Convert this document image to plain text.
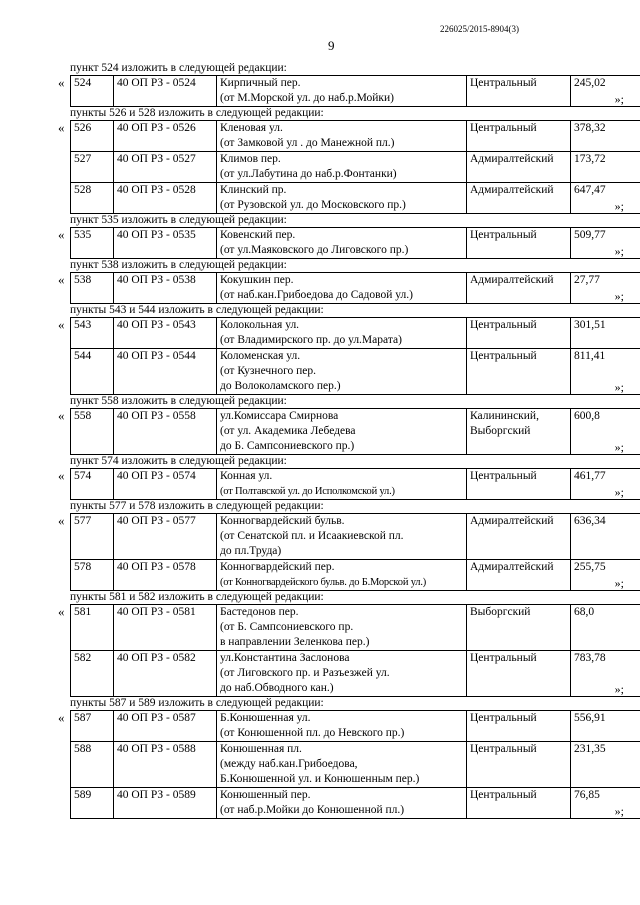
226025/2015-8904(3)
9
пункт 524 изложить в следующей редакции:
« 524	40 ОП РЗ - 0524	Кирпичный пер.
(от М.Морской ул. до наб.р.Мойки)

Центральный	245,02
»;
пункты 526 и 528 изложить в следующей редакции:
« 526	40 ОП РЗ - 0526	Кленовая ул.
(от Замковой ул . до Манежной пл.)	Центральный	378,32
527	40 ОП РЗ - 0527	Климов пер.
(от ул.Лабутина до наб.р.Фонтанки)	Адмиралтейский	173,72
528	40 ОП РЗ - 0528	Клинский пр.
(от Рузовской ул. до Московского пр.)	Адмиралтейский	647,47
»;
пункт 535 изложить в следующей редакции:
« 535	40 ОП РЗ - 0535	Ковенский пер.
(от ул.Маяковского до Лиговского пр.)

Центральный	509,77
»;
пункт 538 изложить в следующей редакции:
« 538	40 ОП РЗ - 0538	Кокушкин пер.
(от наб.кан.Грибоедова до Садовой ул.)

Адмиралтейский	27,77
»;
пункты 543 и 544 изложить в следующей редакции:
« 543	40 ОП РЗ - 0543	Колокольная ул.
(от Владимирского пр. до ул.Марата)	Центральный	301,51
544	40 ОП РЗ - 0544	Коломенская ул.
(от Кузнечного пер.
до Волоколамского пер.)	Центральный	811,41
»;
пункт 558 изложить в следующей редакции:
« 558	40 ОП РЗ - 0558	ул.Комиссара Смирнова
(от ул. Академика Лебедева
до Б. Сампсониевского пр.)

Калининский,
Выборгский
	600,8
»;
пункт 574 изложить в следующей редакции:
« 574	40 ОП РЗ - 0574	Конная ул.
(от Полтавской ул. до Исполкомской ул.)

Центральный	461,77
»;
пункты 577 и 578 изложить в следующей редакции:
« 577	40 ОП РЗ - 0577	Конногвардейский бульв.
(от Сенатской пл. и Исаакиевской пл.
до пл.Труда)	Адмиралтейский	636,34
578	40 ОП РЗ - 0578	Конногвардейский пер.
(от Конногвардейского бульв. до Б.Морской ул.)	Адмиралтейский	255,75
»;
пункты 581 и 582 изложить в следующей редакции:
« 581	40 ОП РЗ - 0581	Бастедонов пер.
(от Б. Сампсониевского пр.
в направлении Зеленкова пер.)	Выборгский	68,0
582	40 ОП РЗ - 0582	ул.Константина Заслонова
(от Лиговского пр. и Разъезжей ул.
до наб.Обводного кан.)	Центральный	783,78
»;
пункты 587 и 589 изложить в следующей редакции:
« 587	40 ОП РЗ - 0587	Б.Конюшенная ул.
(от Конюшенной пл. до Невского пр.)	Центральный	556,91
588	40 ОП РЗ - 0588	Конюшенная пл.
(между наб.кан.Грибоедова,
Б.Конюшенной ул. и Конюшенным пер.)	Центральный	231,35
589	40 ОП РЗ - 0589	Конюшенный пер.
(от наб.р.Мойки до Конюшенной пл.)	Центральный	76,85
»;
